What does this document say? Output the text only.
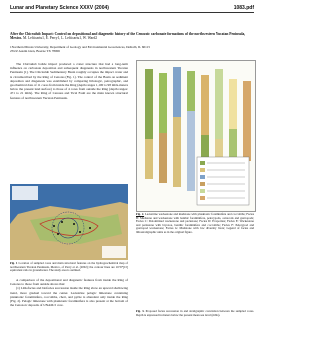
Lunar and Planetary Science XXXV (2004)	1083.pdf
After the Chicxulub Impact: Control on depositional and diagenetic history of the Cenozoic carbonate formations of the northwestern Yucatan Peninsula, Mexico. M. Lefticariu1, E. Perry1, L. Lefticariu1, W. Ward2
1Northern Illinois University, Department of Geology and Environmental Geosciences, DeKalb, IL 60115
2SUZ Austin Glen, Boerne TX 78006
The Chicxulub bolide impact produced a crater structure that had a long-term influence on carbonate deposition and subsequent diagenesis in northwestern Yucatan Peninsula [1]. The Chicxulub Sedimentary Basin roughly occupies the impact crater and is circumscribed by the Ring of Cenotes (Fig. 1). The control of the Basin on sediment deposition and diagenesis was established by comparing lithologic, petrographic, and geochemical data of 11 cores from inside the Ring (depth ranges 1,100 to 98 mbls-meters below the present land surface) to those of 4 cores from outside the Ring (depth ranges: 471 to 21 mbls). The Ring of Cenotes and Tical Fault are the main known structural features of northwestern Yucatan Peninsula.
Fig. 1 Location of sampled cores and main structural features on the hydrogeochemical map of northwestern Yucatan Peninsula, Mexico, of Perry et al. (2002); the contour lines are 10^6*[Cl] equivalent ratio in groundwater. The study area is outlined.
A comparison of the depositional and diagenetic features from inside the Ring of Cenotes to those from outside shows that:
(1) Lithofacies and biofacies succession inside the Ring show an upward shallowing trend, more gradual toward the center. Lacustrine pelagic limestone containing planktonic foraminifera, coccoliths, chert, and pyrite is abundant only inside the Ring (Fig. 2). Pelagic limestone with planktonic foraminifera is also present at the bottom of the Cenozoic deposits of UNAM-5 core.
Fig. 2. Lacustrine wackestone and mudstone with planktonic foraminifera and coccoliths; Facies B: Mudstone and wackestone with benthic foraminifera, pelecypods, ostracods and gastropods; Facies C: Dolomitized wackestone and packstone; Facies D: Evaporites; Facies E: Wackestone and packstone with bryozoa, benthic foraminifera and coccoliths; Facies F: Pelecypod and gastropod wackestone; Facies G: Mudstone with low diversity biota; Legend of facies and lithostratigraphic units as in the original figure.
Fig. 3. Proposed facies succession in and stratigraphic correlation between the sampled cores. Depth is expressed in meters below the present mean sea level (mbls).
